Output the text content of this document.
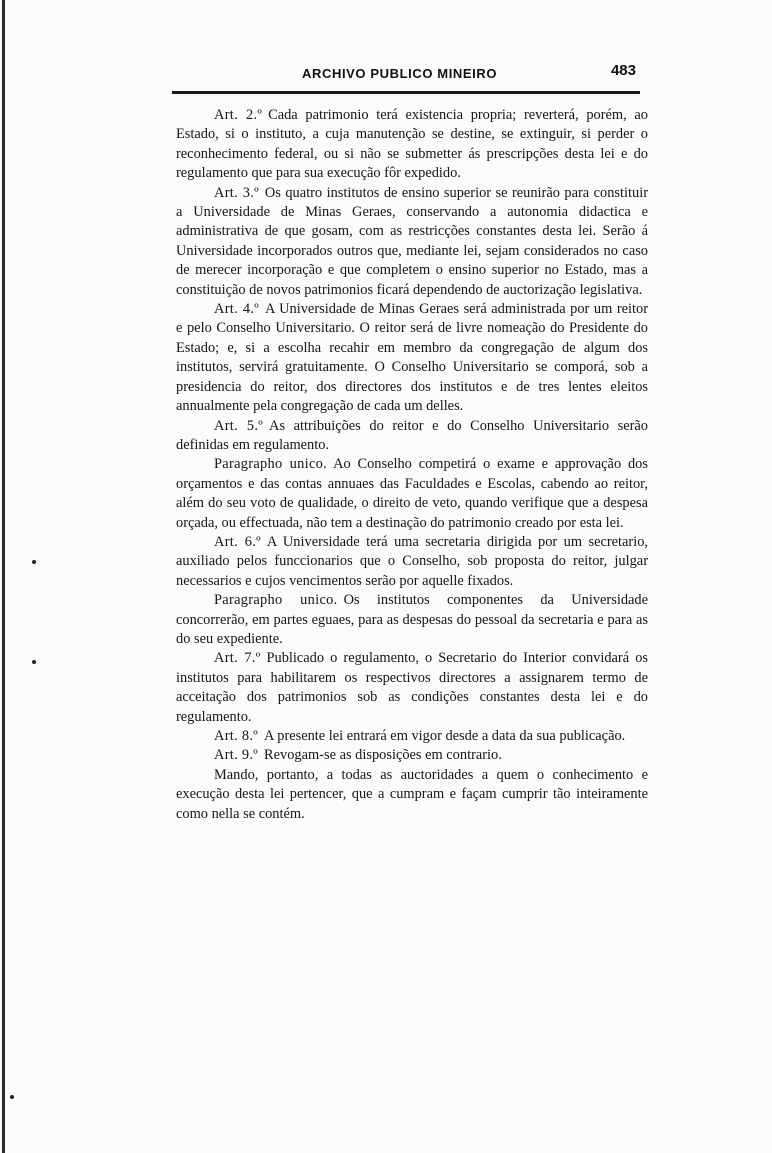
ARCHIVO PUBLICO MINEIRO	483

Art. 2.º Cada patrimonio terá existencia propria; reverterá, porém, ao Estado, si o instituto, a cuja manutenção se destine, se extinguir, si perder o reconhecimento federal, ou si não se submetter ás prescripções desta lei e do regulamento que para sua execução fôr expedido.

Art. 3.º Os quatro institutos de ensino superior se reunirão para constituir a Universidade de Minas Geraes, conservando a autonomia didactica e administrativa de que gosam, com as restricções constantes desta lei. Serão á Universidade incorporados outros que, mediante lei, sejam considerados no caso de merecer incorporação e que completem o ensino superior no Estado, mas a constituição de novos patrimonios ficará dependendo de auctorização legislativa.

Art. 4.º A Universidade de Minas Geraes será administrada por um reitor e pelo Conselho Universitario. O reitor será de livre nomeação do Presidente do Estado; e, si a escolha recahir em membro da congregação de algum dos institutos, servirá gratuitamente. O Conselho Universitario se comporá, sob a presidencia do reitor, dos directores dos institutos e de tres lentes eleitos annualmente pela congregação de cada um delles.

Art. 5.º As attribuições do reitor e do Conselho Universitario serão definidas em regulamento.

Paragrapho unico. Ao Conselho competirá o exame e approvação dos orçamentos e das contas annuaes das Faculdades e Escolas, cabendo ao reitor, além do seu voto de qualidade, o direito de veto, quando verifique que a despesa orçada, ou effectuada, não tem a destinação do patrimonio creado por esta lei.

Art. 6.º A Universidade terá uma secretaria dirigida por um secretario, auxiliado pelos funccionarios que o Conselho, sob proposta do reitor, julgar necessarios e cujos vencimentos serão por aquelle fixados.

Paragrapho unico. Os institutos componentes da Universidade concorrerão, em partes eguaes, para as despesas do pessoal da secretaria e para as do seu expediente.

Art. 7.º Publicado o regulamento, o Secretario do Interior convidará os institutos para habilitarem os respectivos directores a assignarem termo de acceitação dos patrimonios sob as condições constantes desta lei e do regulamento.

Art. 8.º A presente lei entrará em vigor desde a data da sua publicação.

Art. 9.º Revogam-se as disposições em contrario.

Mando, portanto, a todas as auctoridades a quem o conhecimento e execução desta lei pertencer, que a cumpram e façam cumprir tão inteiramente como nella se contém.
